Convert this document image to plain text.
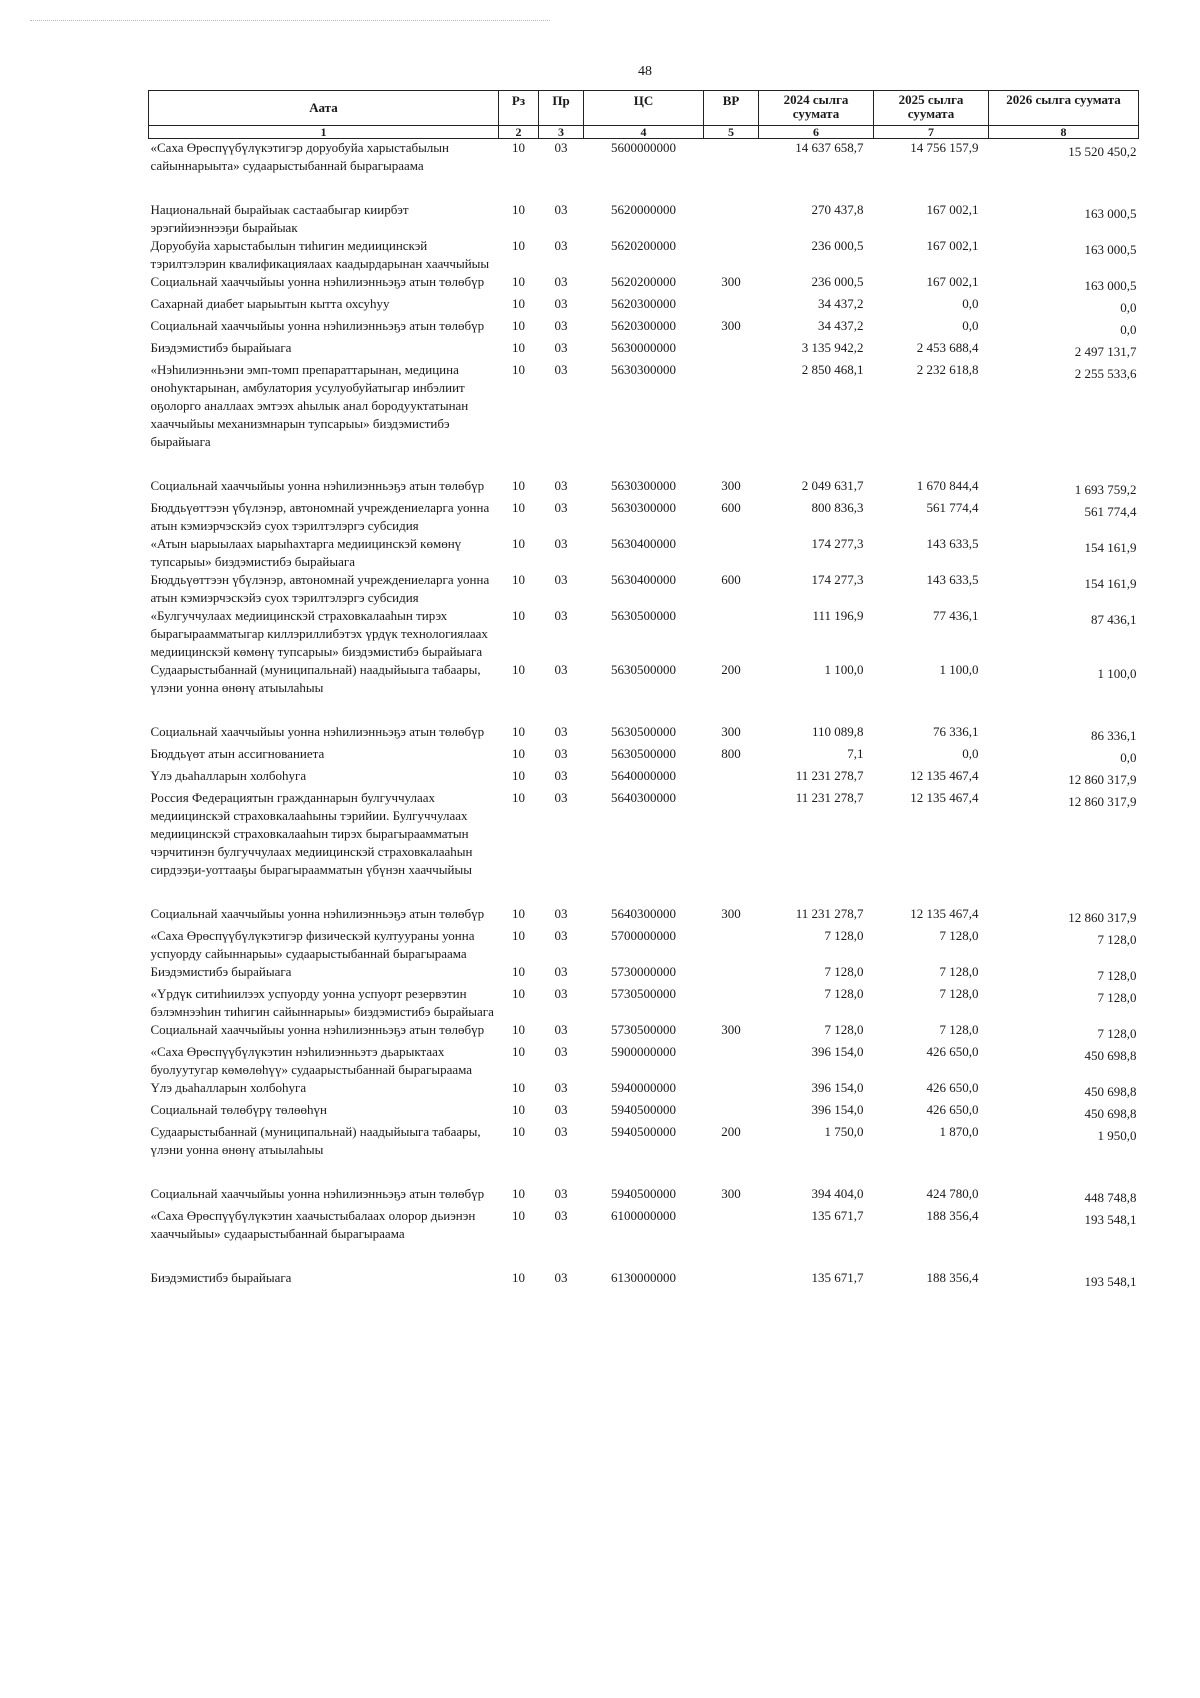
48
Аата	Рз	Пр	ЦС	ВР	2024 сылга суумата	2025 сылга суумата	2026 сылга суумата
1	2	3	4	5	6	7	8
«Саха Өрөспүүбүлүкэтигэр доруобуйа харыстабылын сайыннарыыта» судаарыстыбаннай бырагыраама	10	03	5600000000		14 637 658,7	14 756 157,9	15 520 450,2
Национальнай бырайыак састаабыгар киирбэт эрэгийиэннээҕи бырайыак	10	03	5620000000		270 437,8	167 002,1	163 000,5
Доруобуйа харыстабылын тиһигин медиицинскэй тэрилтэлэрин квалификациялаах каадырдарынан хааччыйыы	10	03	5620200000		236 000,5	167 002,1	163 000,5
Социальнай хааччыйыы уонна нэһилиэнньэҕэ атын төлөбүр	10	03	5620200000	300	236 000,5	167 002,1	163 000,5
Сахарнай диабет ыарыытын кытта охсуһуу	10	03	5620300000		34 437,2	0,0	0,0
Социальнай хааччыйыы уонна нэһилиэнньэҕэ атын төлөбүр	10	03	5620300000	300	34 437,2	0,0	0,0
Биэдэмистибэ бырайыага	10	03	5630000000		3 135 942,2	2 453 688,4	2 497 131,7
«Нэһилиэнньэни эмп-томп препараттарынан, медицина оноһуктарынан, амбулатория усулуобуйатыгар инбэлиит оҕолорго аналлаах эмтээх аһылык анал бородууктатынан хааччыйыы механизмнарын тупсарыы» биэдэмистибэ бырайыага	10	03	5630300000		2 850 468,1	2 232 618,8	2 255 533,6
Социальнай хааччыйыы уонна нэһилиэнньэҕэ атын төлөбүр	10	03	5630300000	300	2 049 631,7	1 670 844,4	1 693 759,2
Бюддьүөттээн үбүлэнэр, автономнай учреждениеларга уонна атын кэмиэрчэскэйэ суох тэрилтэлэргэ субсидия	10	03	5630300000	600	800 836,3	561 774,4	561 774,4
«Атын ыарыылаах ыарыһахтарга медиицинскэй көмөнү тупсарыы» биэдэмистибэ бырайыага	10	03	5630400000		174 277,3	143 633,5	154 161,9
Бюддьүөттээн үбүлэнэр, автономнай учреждениеларга уонна атын кэмиэрчэскэйэ суох тэрилтэлэргэ субсидия	10	03	5630400000	600	174 277,3	143 633,5	154 161,9
«Булгуччулаах медиицинскэй страховкалааһын тирэх бырагыраамматыгар киллэриллибэтэх үрдүк технологиялаах медиицинскэй көмөнү тупсарыы» биэдэмистибэ бырайыага	10	03	5630500000		111 196,9	77 436,1	87 436,1
Судаарыстыбаннай (муниципальнай) наадыйыыга табаары, үлэни уонна өнөнү атыылаһыы	10	03	5630500000	200	1 100,0	1 100,0	1 100,0
Социальнай хааччыйыы уонна нэһилиэнньэҕэ атын төлөбүр	10	03	5630500000	300	110 089,8	76 336,1	86 336,1
Бюддьүөт атын ассигнованиета	10	03	5630500000	800	7,1	0,0	0,0
Үлэ дьаһалларын холбоһуга	10	03	5640000000		11 231 278,7	12 135 467,4	12 860 317,9
Россия Федерациятын гражданнарын булгуччулаах медиицинскэй страховкалааһыны тэрийии. Булгуччулаах медиицинскэй страховкалааһын тирэх бырагыраамматын чэрчитинэн булгуччулаах медиицинскэй страховкалааһын сирдээҕи-уоттааҕы бырагыраамматын үбүнэн хааччыйыы	10	03	5640300000		11 231 278,7	12 135 467,4	12 860 317,9
Социальнай хааччыйыы уонна нэһилиэнньэҕэ атын төлөбүр	10	03	5640300000	300	11 231 278,7	12 135 467,4	12 860 317,9
«Саха Өрөспүүбүлүкэтигэр физическэй култуураны уонна успуорду сайыннарыы» судаарыстыбаннай бырагыраама	10	03	5700000000		7 128,0	7 128,0	7 128,0
Биэдэмистибэ бырайыага	10	03	5730000000		7 128,0	7 128,0	7 128,0
«Үрдүк ситиһиилээх успуорду уонна успуорт резервэтин бэлэмнээһин тиһигин сайыннарыы» биэдэмистибэ бырайыага	10	03	5730500000		7 128,0	7 128,0	7 128,0
Социальнай хааччыйыы уонна нэһилиэнньэҕэ атын төлөбүр	10	03	5730500000	300	7 128,0	7 128,0	7 128,0
«Саха Өрөспүүбүлүкэтин нэһилиэнньэтэ дьарыктаах буолуутугар көмөлөһүү» судаарыстыбаннай бырагыраама	10	03	5900000000		396 154,0	426 650,0	450 698,8
Үлэ дьаһалларын холбоһуга	10	03	5940000000		396 154,0	426 650,0	450 698,8
Социальнай төлөбүрү төлөөһүн	10	03	5940500000		396 154,0	426 650,0	450 698,8
Судаарыстыбаннай (муниципальнай) наадыйыыга табаары, үлэни уонна өнөнү атыылаһыы	10	03	5940500000	200	1 750,0	1 870,0	1 950,0
Социальнай хааччыйыы уонна нэһилиэнньэҕэ атын төлөбүр	10	03	5940500000	300	394 404,0	424 780,0	448 748,8
«Саха Өрөспүүбүлүкэтин хаачыстыбалаах олорор дьиэнэн хааччыйыы» судаарыстыбаннай бырагыраама	10	03	6100000000		135 671,7	188 356,4	193 548,1
Биэдэмистибэ бырайыага	10	03	6130000000		135 671,7	188 356,4	193 548,1
